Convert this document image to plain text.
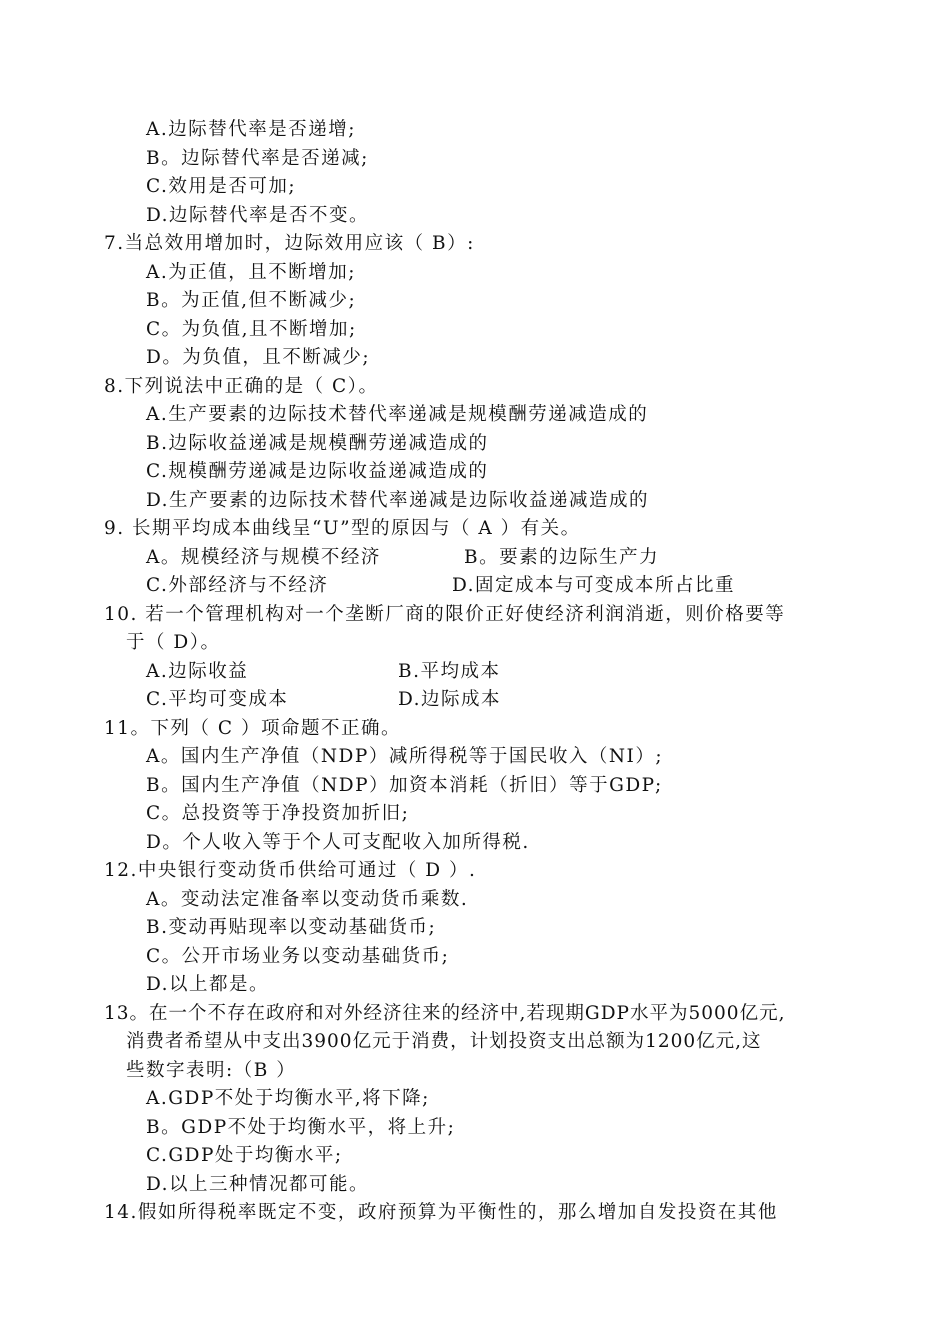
A.边际替代率是否递增;
B。边际替代率是否递减;
C.效用是否可加;
D.边际替代率是否不变。
7.当总效用增加时，边际效用应该（ B）:
A.为正值，且不断增加;
B。为正值,但不断减少;
C。为负值,且不断增加;
D。为负值，且不断减少;
8.下列说法中正确的是（ C）。
A.生产要素的边际技术替代率递减是规模酬劳递减造成的
B.边际收益递减是规模酬劳递减造成的
C.规模酬劳递减是边际收益递减造成的
D.生产要素的边际技术替代率递减是边际收益递减造成的
9. 长期平均成本曲线呈“U”型的原因与（ A ）有关。
A。规模经济与规模不经济	B。要素的边际生产力
C.外部经济与不经济	D.固定成本与可变成本所占比重
10. 若一个管理机构对一个垄断厂商的限价正好使经济利润消逝，则价格要等
于（ D）。
A.边际收益	B.平均成本
C.平均可变成本	D.边际成本
11。下列（ C ）项命题不正确。
A。国内生产净值（NDP）减所得税等于国民收入（NI）;
B。国内生产净值（NDP）加资本消耗（折旧）等于GDP;
C。总投资等于净投资加折旧;
D。个人收入等于个人可支配收入加所得税.
12.中央银行变动货币供给可通过（ D ）.
A。变动法定准备率以变动货币乘数.
B.变动再贴现率以变动基础货币;
C。公开市场业务以变动基础货币;
D.以上都是。
13。在一个不存在政府和对外经济往来的经济中,若现期GDP水平为5000亿元,
消费者希望从中支出3900亿元于消费，计划投资支出总额为1200亿元,这
些数字表明:（B ）
A.GDP不处于均衡水平,将下降;
B。GDP不处于均衡水平，将上升;
C.GDP处于均衡水平;
D.以上三种情况都可能。
14.假如所得税率既定不变，政府预算为平衡性的，那么增加自发投资在其他
